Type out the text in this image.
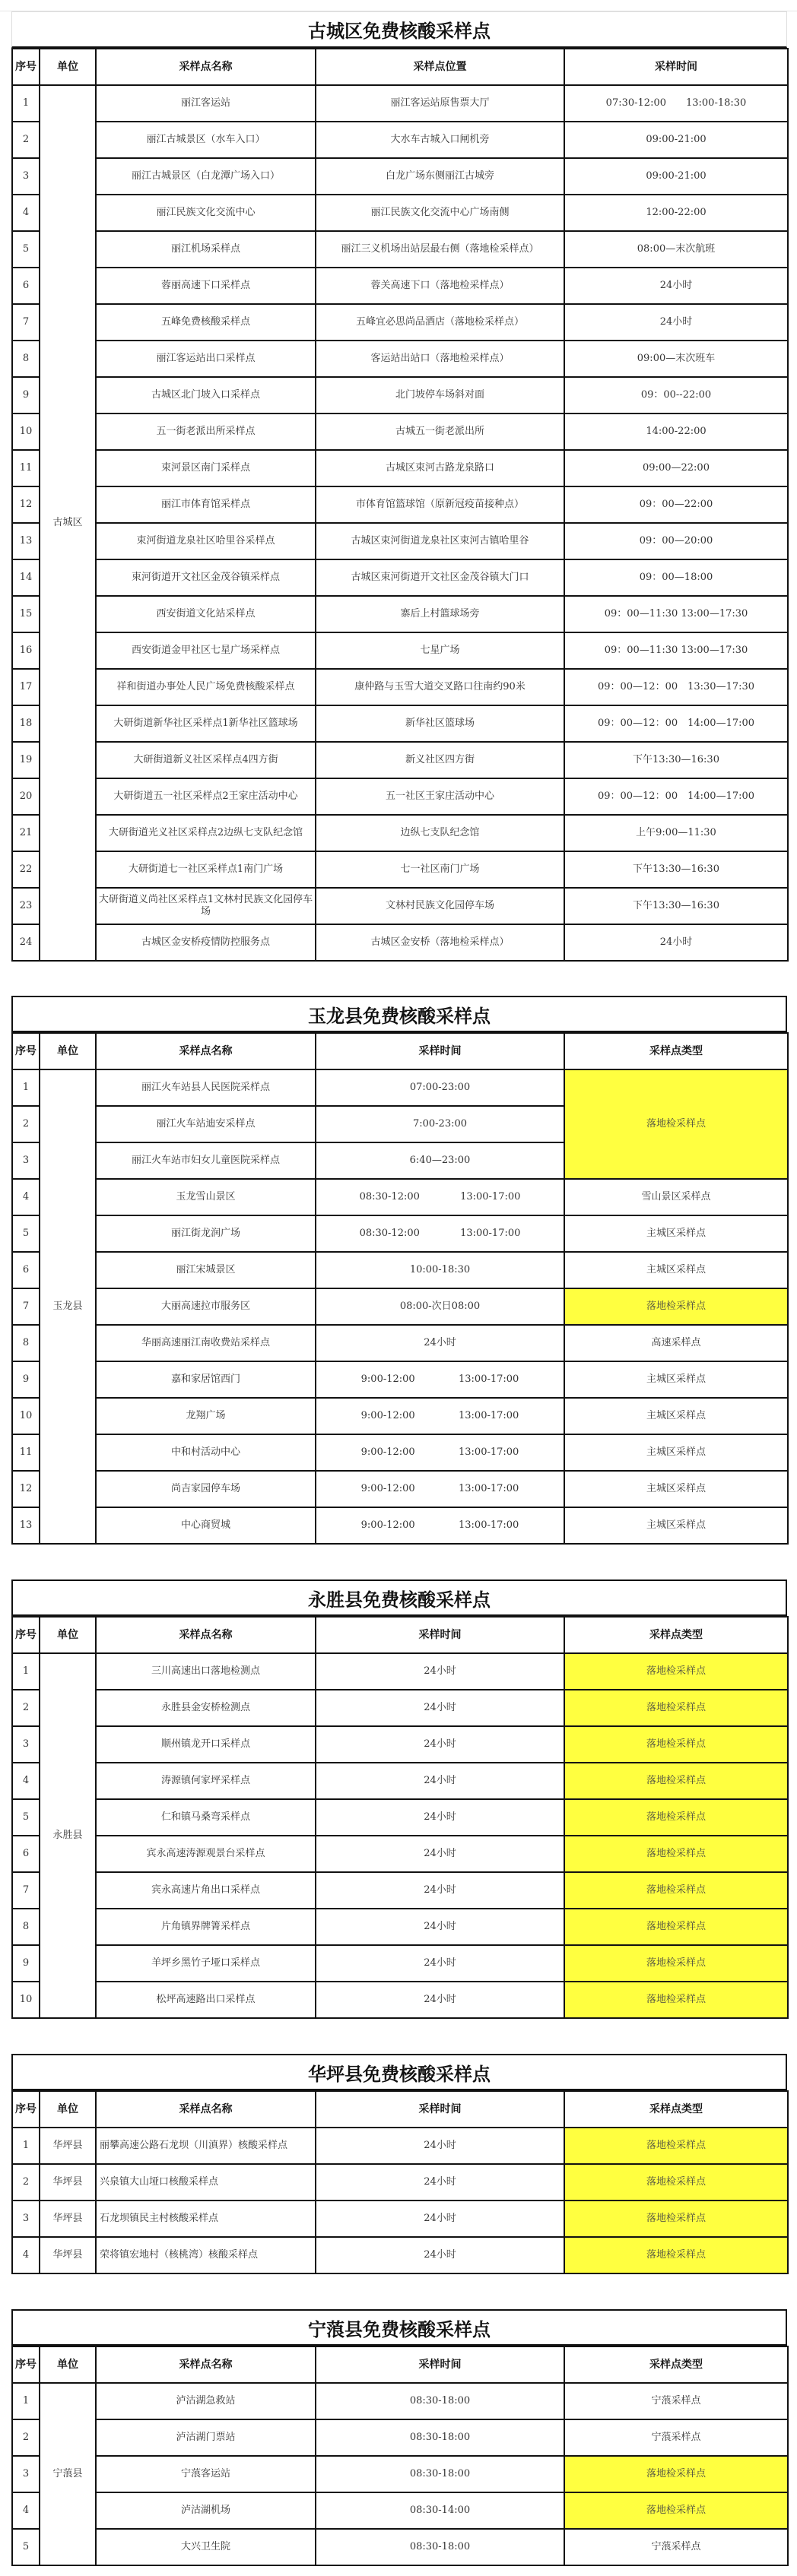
古城区免费核酸采样点
序号	单位	采样点名称	采样点位置	采样时间
1	古城区	丽江客运站	丽江客运站原售票大厅	07:30-12:00　　13:00-18:30
2		丽江古城景区（水车入口）	大水车古城入口闸机旁	09:00-21:00
3		丽江古城景区（白龙潭广场入口）	白龙广场东侧丽江古城旁	09:00-21:00
4		丽江民族文化交流中心	丽江民族文化交流中心广场南侧	12:00-22:00
5		丽江机场采样点	丽江三义机场出站层最右侧（落地检采样点）	08:00—末次航班
6		蓉丽高速下口采样点	蓉关高速下口（落地检采样点）	24小时
7		五峰免费核酸采样点	五峰宜必思尚品酒店（落地检采样点）	24小时
8		丽江客运站出口采样点	客运站出站口（落地检采样点）	09:00—末次班车
9		古城区北门坡入口采样点	北门坡停车场斜对面	09：00--22:00
10		五一街老派出所采样点	古城五一街老派出所	14:00-22:00
11		束河景区南门采样点	古城区束河古路龙泉路口	09:00—22:00
12		丽江市体育馆采样点	市体育馆篮球馆（原新冠疫苗接种点）	09：00—22:00
13		束河街道龙泉社区哈里谷采样点	古城区束河街道龙泉社区束河古镇哈里谷	09：00—20:00
14		束河街道开文社区金茂谷镇采样点	古城区束河街道开文社区金茂谷镇大门口	09：00—18:00
15		西安街道文化站采样点	寨后上村篮球场旁	09：00—11:30 13:00—17:30
16		西安街道金甲社区七星广场采样点	七星广场	09：00—11:30 13:00—17:30
17		祥和街道办事处人民广场免费核酸采样点	康仲路与玉雪大道交叉路口往南约90米	09：00—12：00　13:30—17:30
18		大研街道新华社区采样点1新华社区篮球场	新华社区篮球场	09：00—12：00　14:00—17:00
19		大研街道新义社区采样点4四方街	新义社区四方街	下午13:30—16:30
20		大研街道五一社区采样点2王家庄活动中心	五一社区王家庄活动中心	09：00—12：00　14:00—17:00
21		大研街道光义社区采样点2边纵七支队纪念馆	边纵七支队纪念馆	上午9:00—11:30
22		大研街道七一社区采样点1南门广场	七一社区南门广场	下午13:30—16:30
23		大研街道义尚社区采样点1文林村民族文化园停车场	文林村民族文化园停车场	下午13:30—16:30
24		古城区金安桥疫情防控服务点	古城区金安桥（落地检采样点）	24小时
玉龙县免费核酸采样点
序号	单位	采样点名称	采样时间	采样点类型
1	玉龙县	丽江火车站县人民医院采样点	07:00-23:00	落地检采样点
2		丽江火车站迪安采样点	7:00-23:00	
3		丽江火车站市妇女儿童医院采样点	6:40—23:00	
4		玉龙雪山景区	08:30-12:00 13:00-17:00	雪山景区采样点
5		丽江街龙润广场	08:30-12:00 13:00-17:00	主城区采样点
6		丽江宋城景区	10:00-18:30	主城区采样点
7		大丽高速拉市服务区	08:00-次日08:00	落地检采样点
8		华丽高速丽江南收费站采样点	24小时	高速采样点
9		嘉和家居馆西门	9:00-12:00 13:00-17:00	主城区采样点
10		龙翔广场	9:00-12:00 13:00-17:00	主城区采样点
11		中和村活动中心	9:00-12:00 13:00-17:00	主城区采样点
12		尚吉家园停车场	9:00-12:00 13:00-17:00	主城区采样点
13		中心商贸城	9:00-12:00 13:00-17:00	主城区采样点
永胜县免费核酸采样点
序号	单位	采样点名称	采样时间	采样点类型
1	永胜县	三川高速出口落地检测点	24小时	落地检采样点
2		永胜县金安桥检测点	24小时	落地检采样点
3		顺州镇龙开口采样点	24小时	落地检采样点
4		涛源镇何家坪采样点	24小时	落地检采样点
5		仁和镇马桑弯采样点	24小时	落地检采样点
6		宾永高速涛源观景台采样点	24小时	落地检采样点
7		宾永高速片角出口采样点	24小时	落地检采样点
8		片角镇界牌箐采样点	24小时	落地检采样点
9		羊坪乡黑竹子垭口采样点	24小时	落地检采样点
10		松坪高速路出口采样点	24小时	落地检采样点
华坪县免费核酸采样点
序号	单位	采样点名称	采样时间	采样点类型
1	华坪县	丽攀高速公路石龙坝（川滇界）核酸采样点	24小时	落地检采样点
2	华坪县	兴泉镇大山垭口核酸采样点	24小时	落地检采样点
3	华坪县	石龙坝镇民主村核酸采样点	24小时	落地检采样点
4	华坪县	荣将镇宏地村（核桃湾）核酸采样点	24小时	落地检采样点
宁蒗县免费核酸采样点
序号	单位	采样点名称	采样时间	采样点类型
1	宁蒗县	泸沽湖急救站	08:30-18:00	宁蒗采样点
2		泸沽湖门票站	08:30-18:00	宁蒗采样点
3		宁蒗客运站	08:30-18:00	落地检采样点
4		泸沽湖机场	08:30-14:00	落地检采样点
5		大兴卫生院	08:30-18:00	宁蒗采样点
